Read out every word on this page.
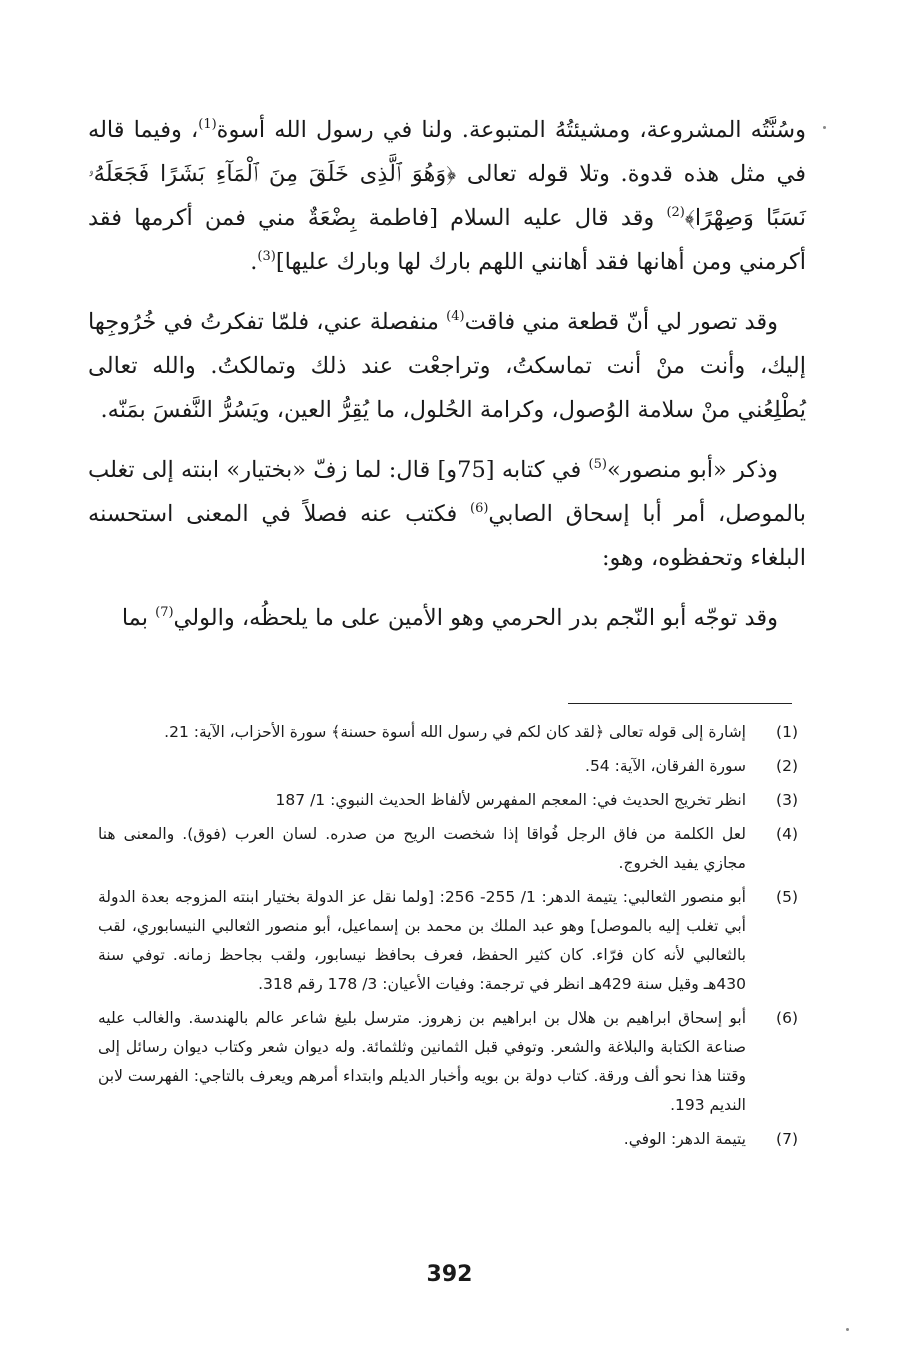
وسُنَّتُه المشروعة، ومشيئتُهُ المتبوعة. ولنا في رسول الله أسوة$^{(1)}$، وفيما قاله في مثل هذه قدوة. وتلا قوله تعالى ﴿وَهُوَ ٱلَّذِى خَلَقَ مِنَ ٱلْمَآءِ بَشَرًا فَجَعَلَهُۥ نَسَبًا وَصِهْرًا﴾$^{(2)}$ وقد قال عليه السلام [فاطمة بِضْعَةٌ مني فمن أكرمها فقد أكرمني ومن أهانها فقد أهانني اللهم بارك لها وبارك عليها]$^{(3)}$.

وقد تصور لي أنّ قطعة مني فاقت$^{(4)}$ منفصلة عني، فلمّا تفكرتُ في خُرُوجِها إليك، وأنت منْ أنت تماسكتُ، وتراجعْت عند ذلك وتمالكتُ. والله تعالى يُطْلِعُني منْ سلامة الوُصول، وكرامة الحُلول، ما يُقِرُّ العين، ويَسُرُّ النَّفسَ بمَنّه.

وذكر «أبو منصور»$^{(5)}$ في كتابه [75و] قال: لما زفّ «بختيار» ابنته إلى تغلب بالموصل، أمر أبا إسحاق الصابي$^{(6)}$ فكتب عنه فصلاً في المعنى استحسنه البلغاء وتحفظوه، وهو:

وقد توجّه أبو النّجم بدر الحرمي وهو الأمين على ما يلحظُه، والولي$^{(7)}$ بما

(1)
إشارة إلى قوله تعالى ﴿لقد كان لكم في رسول الله أسوة حسنة﴾ سورة الأحزاب، الآية: 21.
(2)
سورة الفرقان، الآية: 54.
(3)
انظر تخريج الحديث في: المعجم المفهرس لألفاظ الحديث النبوي: 1/ 187
(4)
لعل الكلمة من فاق الرجل فُواقا إذا شخصت الريح من صدره. لسان العرب (فوق). والمعنى هنا مجازي يفيد الخروج.
(5)
أبو منصور الثعالبي: يتيمة الدهر: 1/ 255- 256: [ولما نقل عز الدولة بختيار ابنته المزوجه بعدة الدولة أبي تغلب إليه بالموصل] وهو عبد الملك بن محمد بن إسماعيل، أبو منصور الثعالبي النيسابوري، لقب بالثعالبي لأنه كان فرّاء. كان كثير الحفظ، فعرف بحافظ نيسابور، ولقب بجاحظ زمانه. توفي سنة 430هـ وقيل سنة 429هـ انظر في ترجمة: وفيات الأعيان: 3/ 178 رقم 318.
(6)
أبو إسحاق ابراهيم بن هلال بن ابراهيم بن زهروز. مترسل بليغ شاعر عالم بالهندسة. والغالب عليه صناعة الكتابة والبلاغة والشعر. وتوفي قبل الثمانين وثلثمائة. وله ديوان شعر وكتاب ديوان رسائل إلى وقتنا هذا نحو ألف ورقة. كتاب دولة بن بويه وأخبار الديلم وابتداء أمرهم ويعرف بالتاجي: الفهرست لابن النديم 193.
(7)
يتيمة الدهر: الوفي.
392
